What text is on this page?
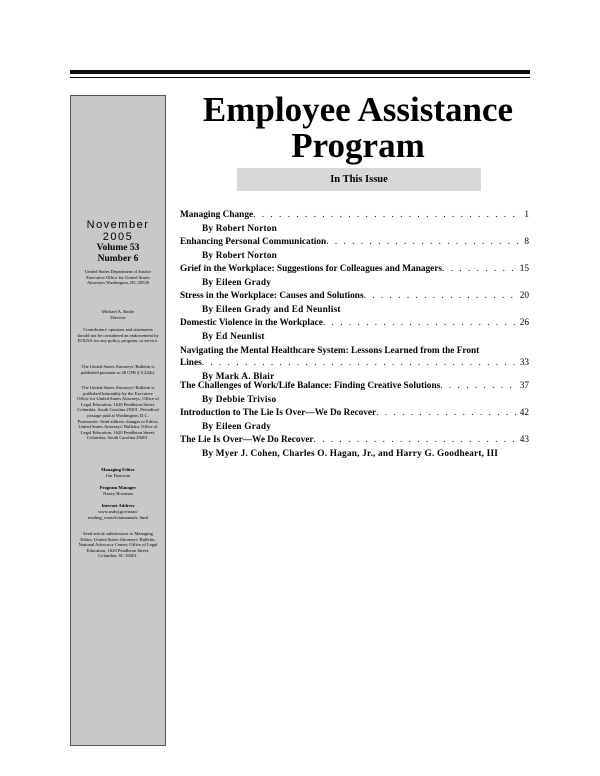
November
2005
Volume 53
Number 6
United States Department of Justice Executive Office for United States Attorneys Washington, DC 20530
Michael A. Battle
Director
Contributors' opinions and statements should not be considered an endorsement by EOUSA for any policy, program, or service.
The United States Attorneys' Bulletin is published pursuant to 28 CFR § 0.22(b).
The United States Attorneys' Bulletin is published bimonthly by the Executive Office for United States Attorneys, Office of Legal Education, 1620 Pendleton Street, Columbia, South Carolina 29201. Periodical postage paid at Washington, D.C. Postmaster: Send address changes to Editor, United States Attorneys' Bulletin, Office of Legal Education, 1620 Pendleton Street, Columbia, South Carolina 29201.
Managing Editor
Jim Donovan
Program Manager
Nancy Bowman
Internet Address
www.usdoj.gov/usao/ reading_room/foiamanuals. html
Send article submissions to Managing Editor, United States Attorneys' Bulletin, National Advocacy Center, Office of Legal Education, 1620 Pendleton Street, Columbia, SC 29201.
Employee Assistance
Program
In This Issue
Managing Change . . .	1
By Robert Norton
Enhancing Personal Communication . . .	8
By Robert Norton
Grief in the Workplace: Suggestions for Colleagues and Managers . . .	15
By Eileen Grady
Stress in the Workplace: Causes and Solutions . . .	20
By Eileen Grady and Ed Neunlist
Domestic Violence in the Workplace . . .	26
By Ed Neunlist
Navigating the Mental Healthcare System: Lessons Learned from the Front
Lines . . .	33
By Mark A. Blair
The Challenges of Work/Life Balance: Finding Creative Solutions . . .	37
By Debbie Triviso
Introduction to The Lie Is Over—We Do Recover . . .	42
By Eileen Grady
The Lie Is Over—We Do Recover . . .	43
By Myer J. Cohen, Charles O. Hagan, Jr., and Harry G. Goodheart, III
